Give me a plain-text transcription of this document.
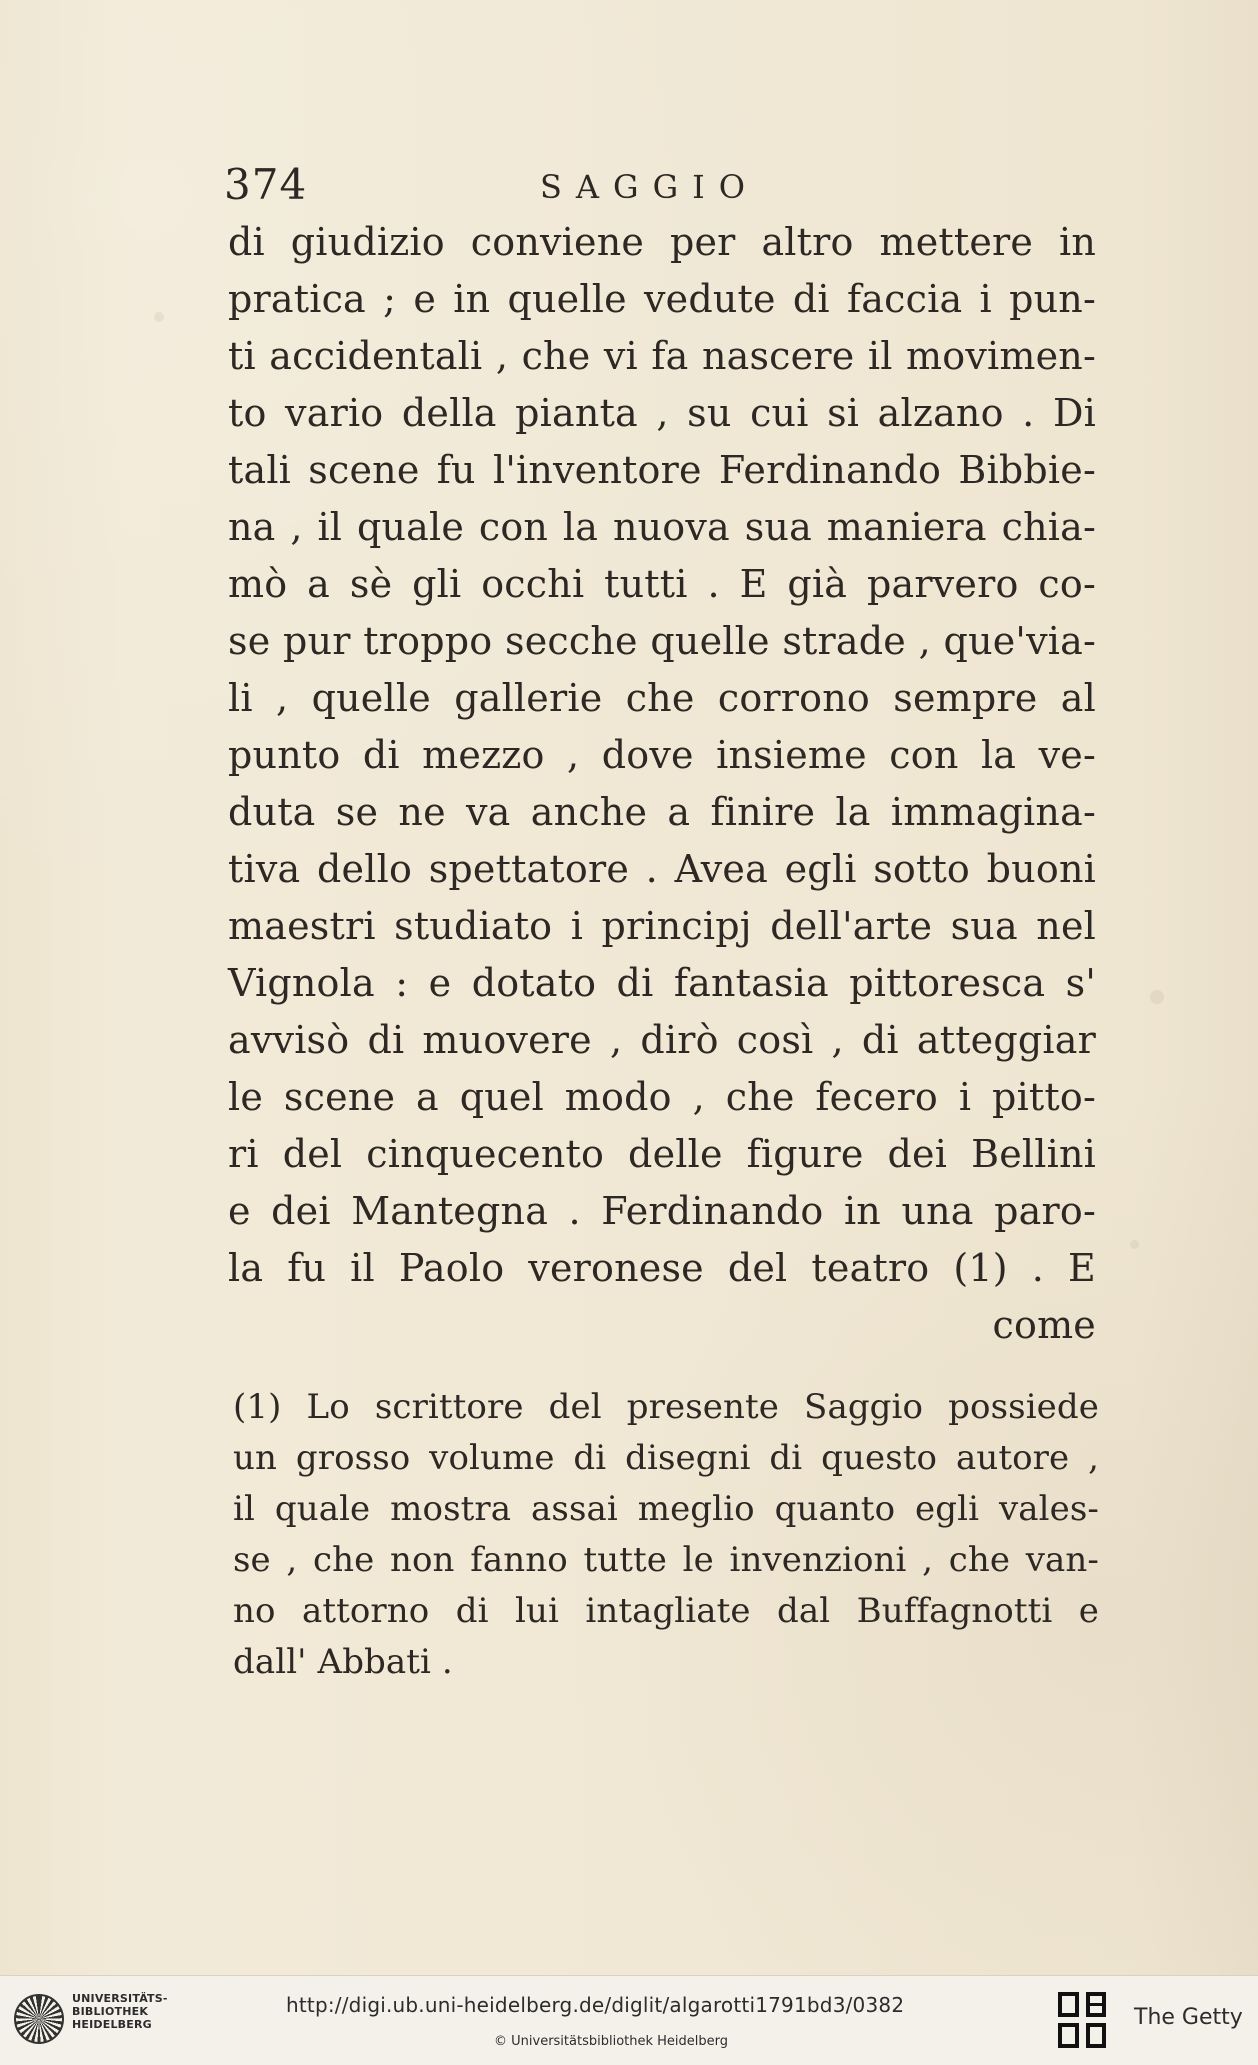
374	SAGGIO
di giudizio conviene per altro mettere in
pratica ; e in quelle vedute di faccia i pun-
ti accidentali , che vi fa nascere il movimen-
to vario della pianta , su cui si alzano . Di
tali scene fu l'inventore Ferdinando Bibbie-
na , il quale con la nuova sua maniera chia-
mò a sè gli occhi tutti . E già parvero co-
se pur troppo secche quelle strade , que'via-
li , quelle gallerie che corrono sempre al
punto di mezzo , dove insieme con la ve-
duta se ne va anche a finire la immagina-
tiva dello spettatore . Avea egli sotto buoni
maestri studiato i principj dell'arte sua nel
Vignola : e dotato di fantasia pittoresca s'
avvisò di muovere , dirò così , di atteggiar
le scene a quel modo , che fecero i pitto-
ri del cinquecento delle figure dei Bellini
e dei Mantegna . Ferdinando in una paro-
la fu il Paolo veronese del teatro (1) . E
come
(1) Lo scrittore del presente Saggio possiede
un grosso volume di disegni di questo autore ,
il quale mostra assai meglio quanto egli vales-
se , che non fanno tutte le invenzioni , che van-
no attorno di lui intagliate dal Buffagnotti e
dall' Abbati .
UNIVERSITÄTS-
BIBLIOTHEK
HEIDELBERG
http://digi.ub.uni-heidelberg.de/diglit/algarotti1791bd3/0382
© Universitätsbibliothek Heidelberg
The Getty
